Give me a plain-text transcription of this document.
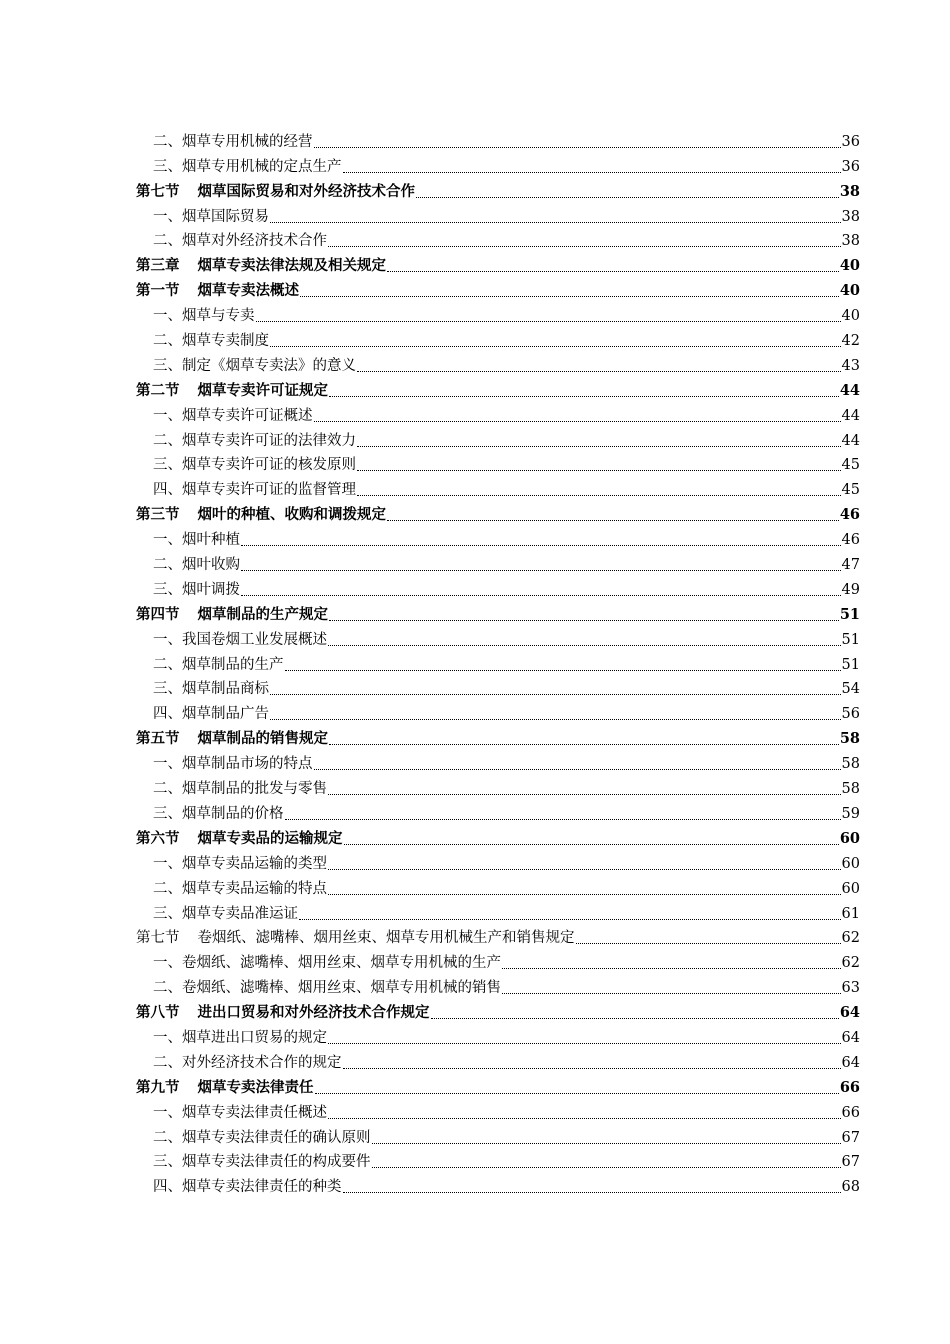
二、烟草专用机械的经营	36
三、烟草专用机械的定点生产	36
第七节 烟草国际贸易和对外经济技术合作	38
一、烟草国际贸易	38
二、烟草对外经济技术合作	38
第三章 烟草专卖法律法规及相关规定	40
第一节 烟草专卖法概述	40
一、烟草与专卖	40
二、烟草专卖制度	42
三、制定《烟草专卖法》的意义	43
第二节 烟草专卖许可证规定	44
一、烟草专卖许可证概述	44
二、烟草专卖许可证的法律效力	44
三、烟草专卖许可证的核发原则	45
四、烟草专卖许可证的监督管理	45
第三节 烟叶的种植、收购和调拨规定	46
一、烟叶种植	46
二、烟叶收购	47
三、烟叶调拨	49
第四节 烟草制品的生产规定	51
一、我国卷烟工业发展概述	51
二、烟草制品的生产	51
三、烟草制品商标	54
四、烟草制品广告	56
第五节 烟草制品的销售规定	58
一、烟草制品市场的特点	58
二、烟草制品的批发与零售	58
三、烟草制品的价格	59
第六节 烟草专卖品的运输规定	60
一、烟草专卖品运输的类型	60
二、烟草专卖品运输的特点	60
三、烟草专卖品准运证	61
第七节 卷烟纸、滤嘴棒、烟用丝束、烟草专用机械生产和销售规定	62
一、卷烟纸、滤嘴棒、烟用丝束、烟草专用机械的生产	62
二、卷烟纸、滤嘴棒、烟用丝束、烟草专用机械的销售	63
第八节 进出口贸易和对外经济技术合作规定	64
一、烟草进出口贸易的规定	64
二、对外经济技术合作的规定	64
第九节 烟草专卖法律责任	66
一、烟草专卖法律责任概述	66
二、烟草专卖法律责任的确认原则	67
三、烟草专卖法律责任的构成要件	67
四、烟草专卖法律责任的种类	68
